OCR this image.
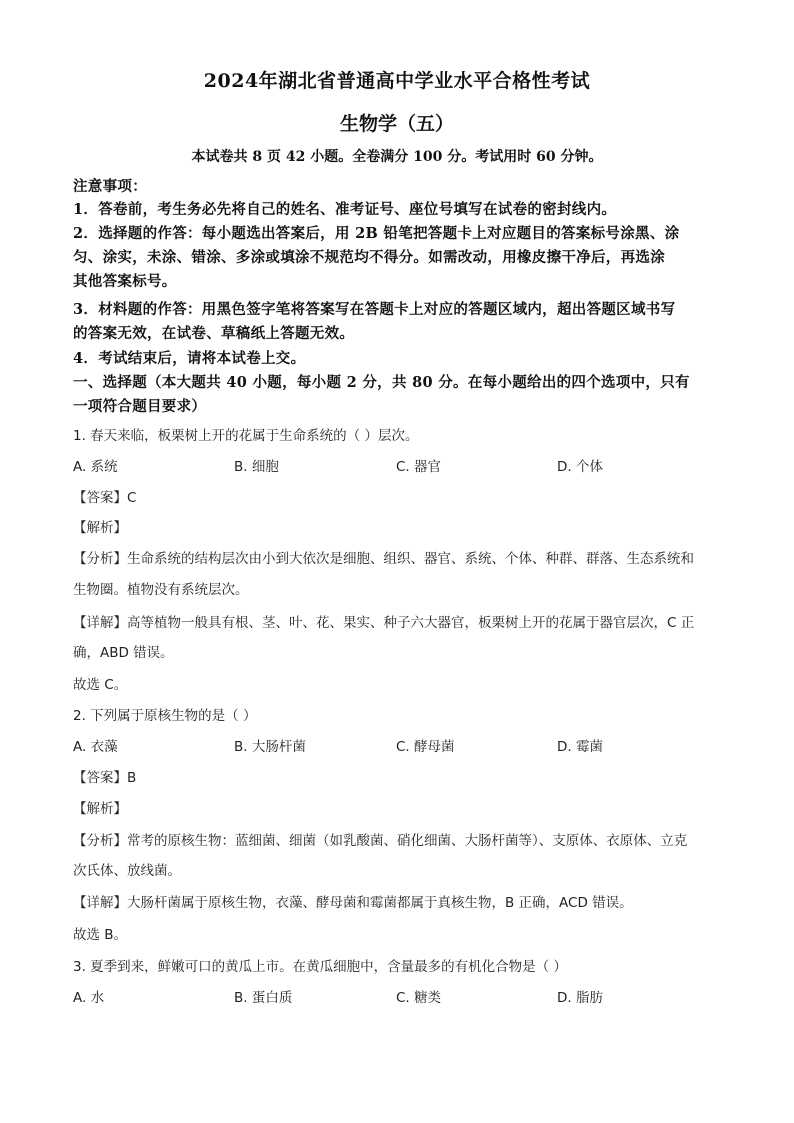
2024年湖北省普通高中学业水平合格性考试
生物学（五）
本试卷共 8 页 42 小题。全卷满分 100 分。考试用时 60 分钟。
注意事项：
1．答卷前，考生务必先将自己的姓名、准考证号、座位号填写在试卷的密封线内。
2．选择题的作答：每小题选出答案后，用 2B 铅笔把答题卡上对应题目的答案标号涂黑、涂
匀、涂实，未涂、错涂、多涂或填涂不规范均不得分。如需改动，用橡皮擦干净后，再选涂
其他答案标号。
3．材料题的作答：用黑色签字笔将答案写在答题卡上对应的答题区域内，超出答题区域书写
的答案无效，在试卷、草稿纸上答题无效。
4．考试结束后，请将本试卷上交。
一、选择题（本大题共 40 小题，每小题 2 分，共 80 分。在每小题给出的四个选项中，只有
一项符合题目要求）
1. 春天来临，板栗树上开的花属于生命系统的（ ）层次。
A. 系统	B. 细胞	C. 器官	D. 个体
【答案】C
【解析】
【分析】生命系统的结构层次由小到大依次是细胞、组织、器官、系统、个体、种群、群落、生态系统和
生物圈。植物没有系统层次。
【详解】高等植物一般具有根、茎、叶、花、果实、种子六大器官，板栗树上开的花属于器官层次，C 正
确，ABD 错误。
故选 C。
2. 下列属于原核生物的是（ ）
A. 衣藻	B. 大肠杆菌	C. 酵母菌	D. 霉菌
【答案】B
【解析】
【分析】常考的原核生物：蓝细菌、细菌（如乳酸菌、硝化细菌、大肠杆菌等）、支原体、衣原体、立克
次氏体、放线菌。
【详解】大肠杆菌属于原核生物，衣藻、酵母菌和霉菌都属于真核生物，B 正确，ACD 错误。
故选 B。
3. 夏季到来，鲜嫩可口的黄瓜上市。在黄瓜细胞中，含量最多的有机化合物是（ ）
A. 水	B. 蛋白质	C. 糖类	D. 脂肪
